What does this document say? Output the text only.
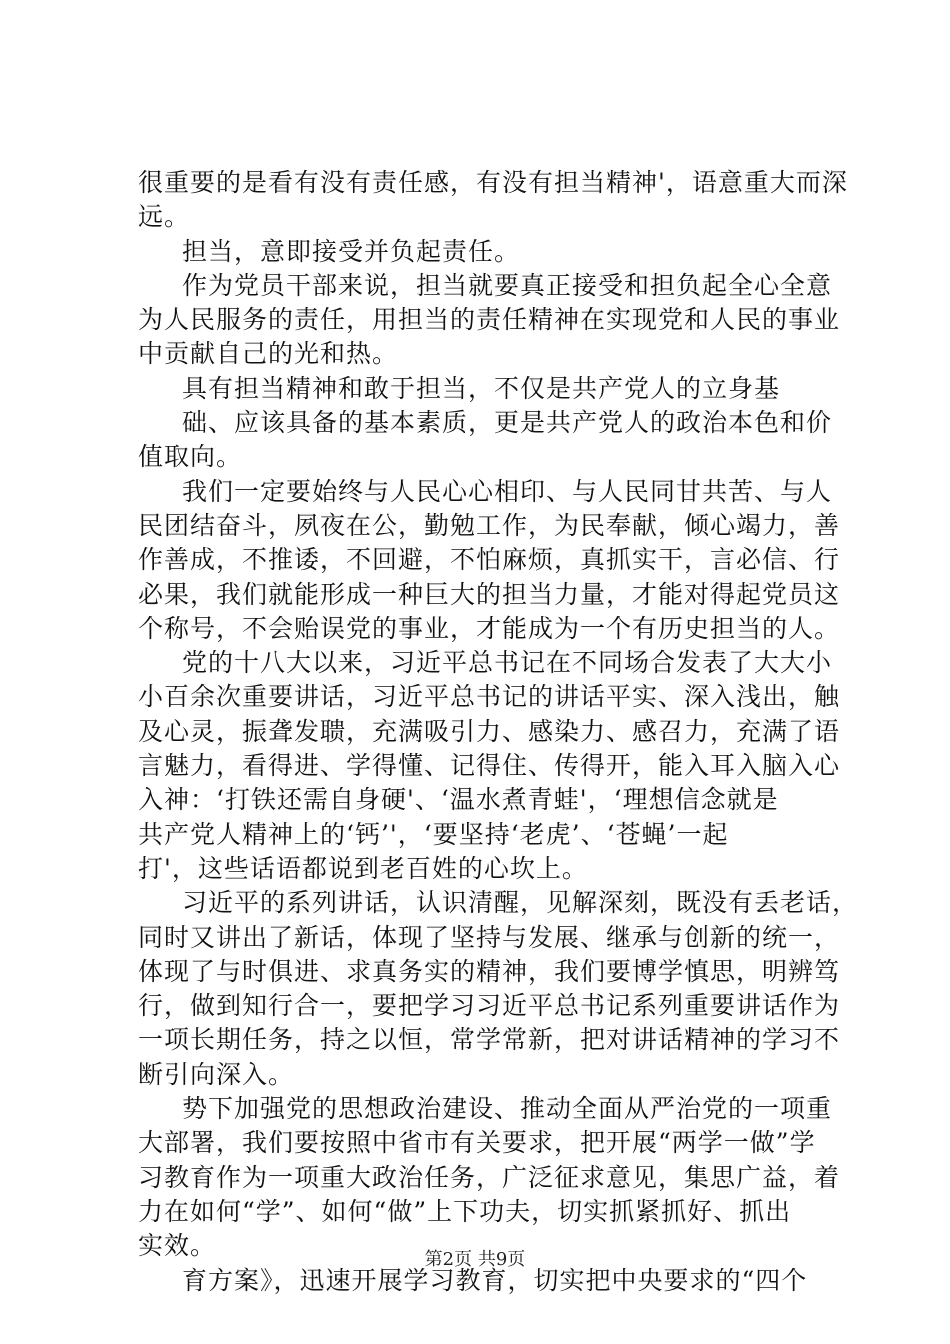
很重要的是看有没有责任感，有没有担当精神'，语意重大而深
远。
担当，意即接受并负起责任。
作为党员干部来说，担当就要真正接受和担负起全心全意
为人民服务的责任，用担当的责任精神在实现党和人民的事业
中贡献自己的光和热。
具有担当精神和敢于担当，不仅是共产党人的立身基
础、应该具备的基本素质，更是共产党人的政治本色和价
值取向。
我们一定要始终与人民心心相印、与人民同甘共苦、与人
民团结奋斗，夙夜在公，勤勉工作，为民奉献，倾心竭力，善
作善成，不推诿，不回避，不怕麻烦，真抓实干，言必信、行
必果，我们就能形成一种巨大的担当力量，才能对得起党员这
个称号，不会贻误党的事业，才能成为一个有历史担当的人。
党的十八大以来，习近平总书记在不同场合发表了大大小
小百余次重要讲话，习近平总书记的讲话平实、深入浅出，触
及心灵，振聋发聩，充满吸引力、感染力、感召力，充满了语
言魅力，看得进、学得懂、记得住、传得开，能入耳入脑入心
入神：‘打铁还需自身硬'、‘温水煮青蛙'，‘理想信念就是
共产党人精神上的‘钙’'，‘要坚持‘老虎’、‘苍蝇’一起
打'，这些话语都说到老百姓的心坎上。
习近平的系列讲话，认识清醒，见解深刻，既没有丢老话，
同时又讲出了新话，体现了坚持与发展、继承与创新的统一，
体现了与时俱进、求真务实的精神，我们要博学慎思，明辨笃
行，做到知行合一，要把学习习近平总书记系列重要讲话作为
一项长期任务，持之以恒，常学常新，把对讲话精神的学习不
断引向深入。
势下加强党的思想政治建设、推动全面从严治党的一项重
大部署，我们要按照中省市有关要求，把开展“两学一做”学
习教育作为一项重大政治任务，广泛征求意见，集思广益，着
力在如何“学”、如何“做”上下功夫，切实抓紧抓好、抓出
实效。
育方案》，迅速开展学习教育，切实把中央要求的“四个
第2页 共9页
